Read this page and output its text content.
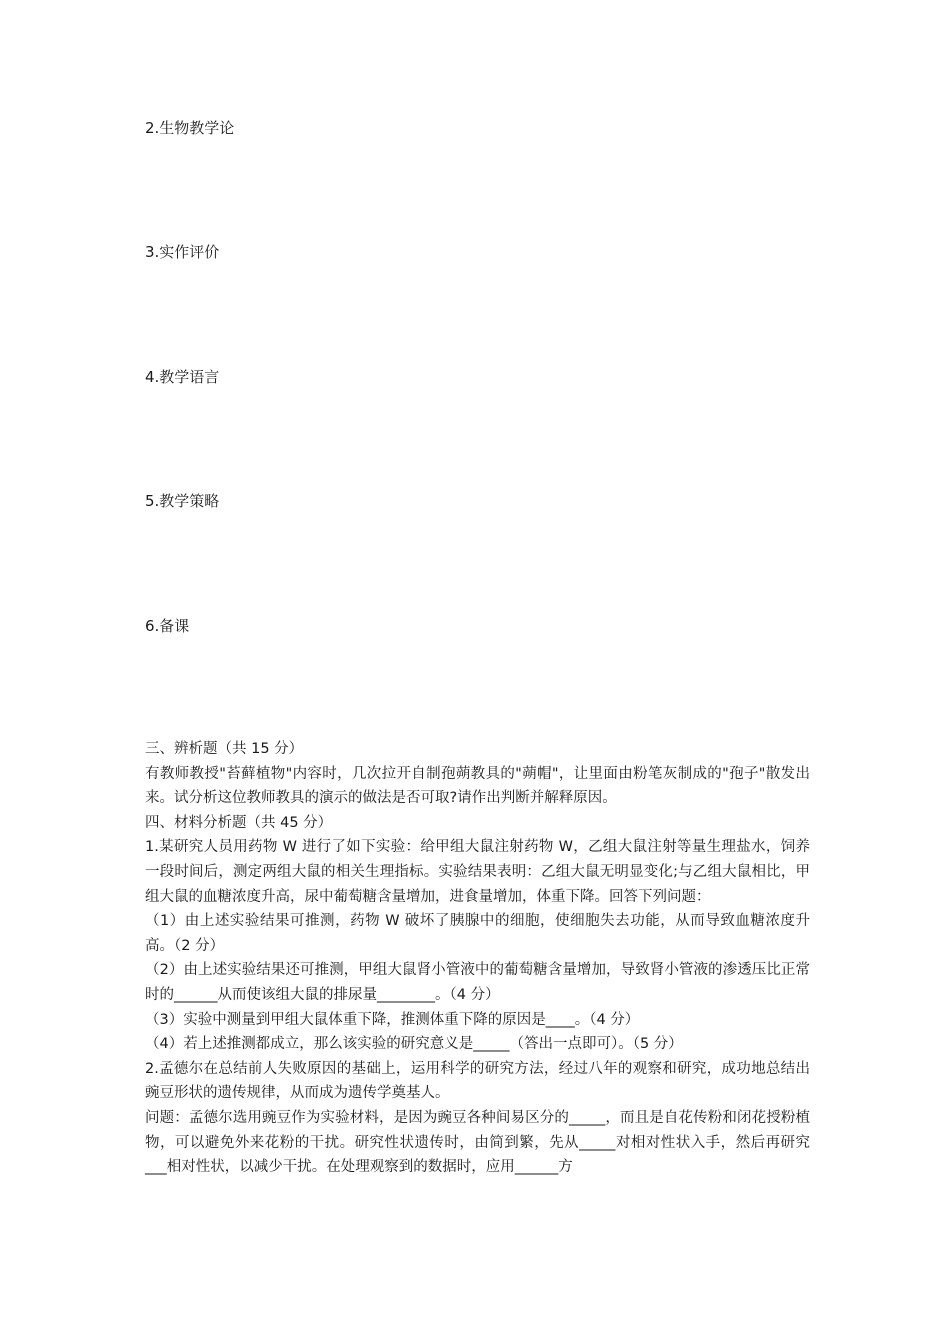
2.生物教学论
3.实作评价
4.教学语言
5.教学策略
6.备课

三、辨析题（共 15 分）

有教师教授"苔藓植物"内容时，几次拉开自制孢蒴教具的"蒴帽"，让里面由粉笔灰制成的"孢子"散发出来。试分析这位教师教具的演示的做法是否可取?请作出判断并解释原因。

四、材料分析题（共 45 分）

1.某研究人员用药物 W 进行了如下实验：给甲组大鼠注射药物 W，乙组大鼠注射等量生理盐水，饲养一段时间后，测定两组大鼠的相关生理指标。实验结果表明：乙组大鼠无明显变化;与乙组大鼠相比，甲组大鼠的血糖浓度升高，尿中葡萄糖含量增加，进食量增加，体重下降。回答下列问题：

（1）由上述实验结果可推测，药物 W 破坏了胰腺中的细胞，使细胞失去功能，从而导致血糖浓度升高。（2 分）

（2）由上述实验结果还可推测，甲组大鼠肾小管液中的葡萄糖含量增加，导致肾小管液的渗透压比正常时的______从而使该组大鼠的排尿量________。（4 分）

（3）实验中测量到甲组大鼠体重下降，推测体重下降的原因是____。（4 分）

（4）若上述推测都成立，那么该实验的研究意义是_____（答出一点即可）。（5 分）

2.孟德尔在总结前人失败原因的基础上，运用科学的研究方法，经过八年的观察和研究，成功地总结出豌豆形状的遗传规律，从而成为遗传学奠基人。

问题：孟德尔选用豌豆作为实验材料，是因为豌豆各种间易区分的_____，而且是自花传粉和闭花授粉植物，可以避免外来花粉的干扰。研究性状遗传时，由简到繁，先从_____对相对性状入手，然后再研究___相对性状，以减少干扰。在处理观察到的数据时，应用______方
